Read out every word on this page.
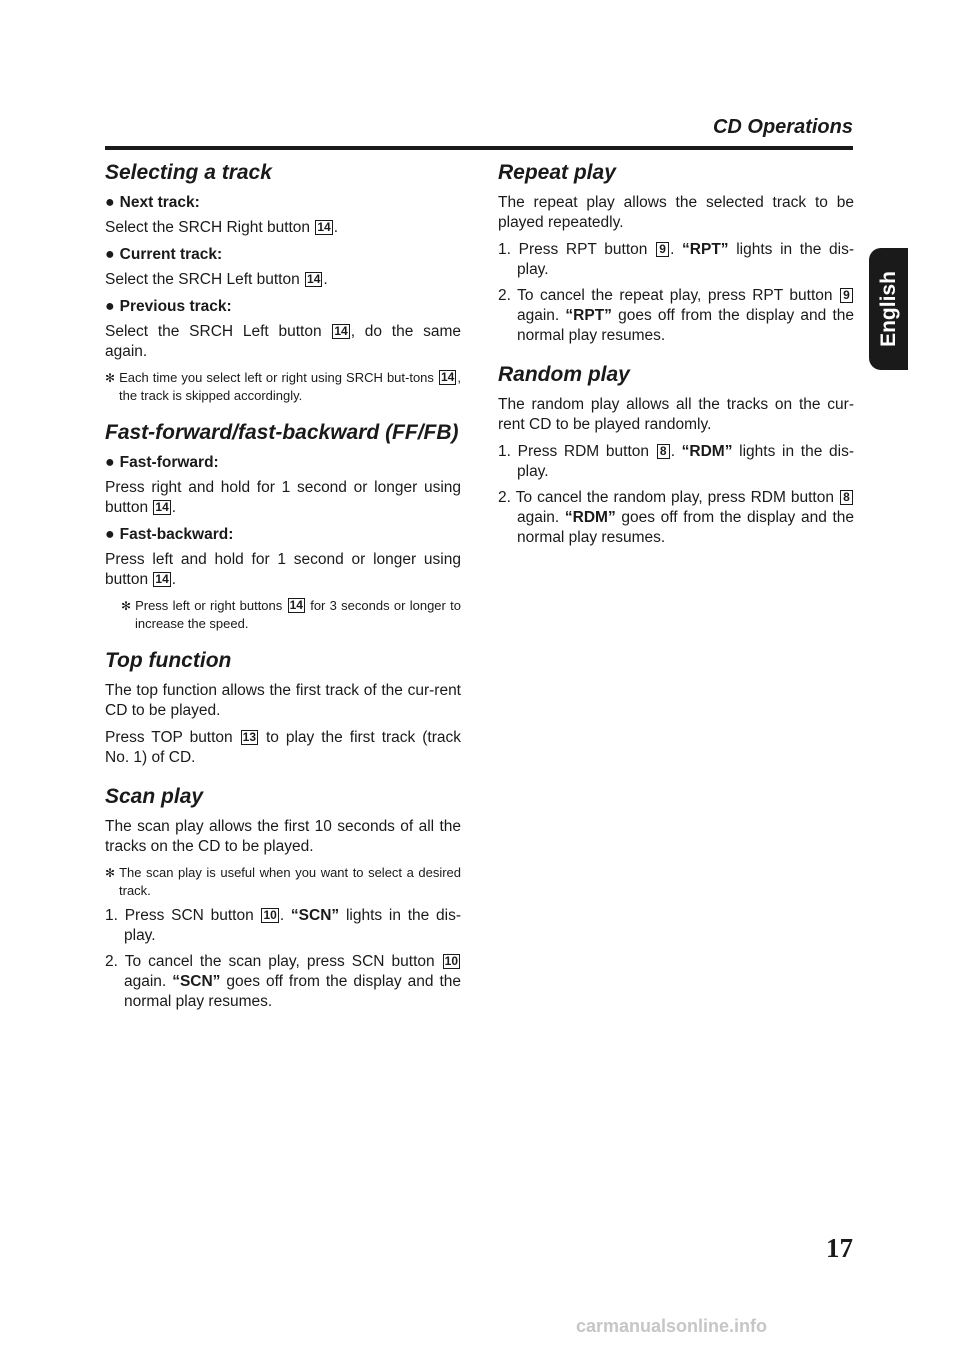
CD Operations
English
Selecting a track
● Next track:

Select the SRCH Right button 14 .

● Current track:

Select the SRCH Left button 14 .

● Previous track:

Select the SRCH Left button 14 , do the same again.

✻ Each time you select left or right using SRCH but-tons 14 , the track is skipped accordingly.

Fast-forward/fast-backward (FF/FB)
● Fast-forward:

Press right and hold for 1 second or longer using button 14 .

● Fast-backward:

Press left and hold for 1 second or longer using button 14 .

✻ Press left or right buttons 14 for 3 seconds or longer to increase the speed.

Top function

The top function allows the first track of the cur-rent CD to be played.

Press TOP button 13 to play the first track (track No. 1) of CD.

Scan play

The scan play allows the first 10 seconds of all the tracks on the CD to be played.

✻ The scan play is useful when you want to select a desired track.

1. Press SCN button 10 . “SCN” lights in the dis-play.

2. To cancel the scan play, press SCN button 10 again. “SCN” goes off from the display and the normal play resumes.

Repeat play

The repeat play allows the selected track to be played repeatedly.

1. Press RPT button 9 . “RPT” lights in the dis-play.

2. To cancel the repeat play, press RPT button 9 again. “RPT” goes off from the display and the normal play resumes.

Random play

The random play allows all the tracks on the cur-rent CD to be played randomly.

1. Press RDM button 8 . “RDM” lights in the dis-play.

2. To cancel the random play, press RDM button 8 again. “RDM” goes off from the display and the normal play resumes.

17
carmanualsonline.info
